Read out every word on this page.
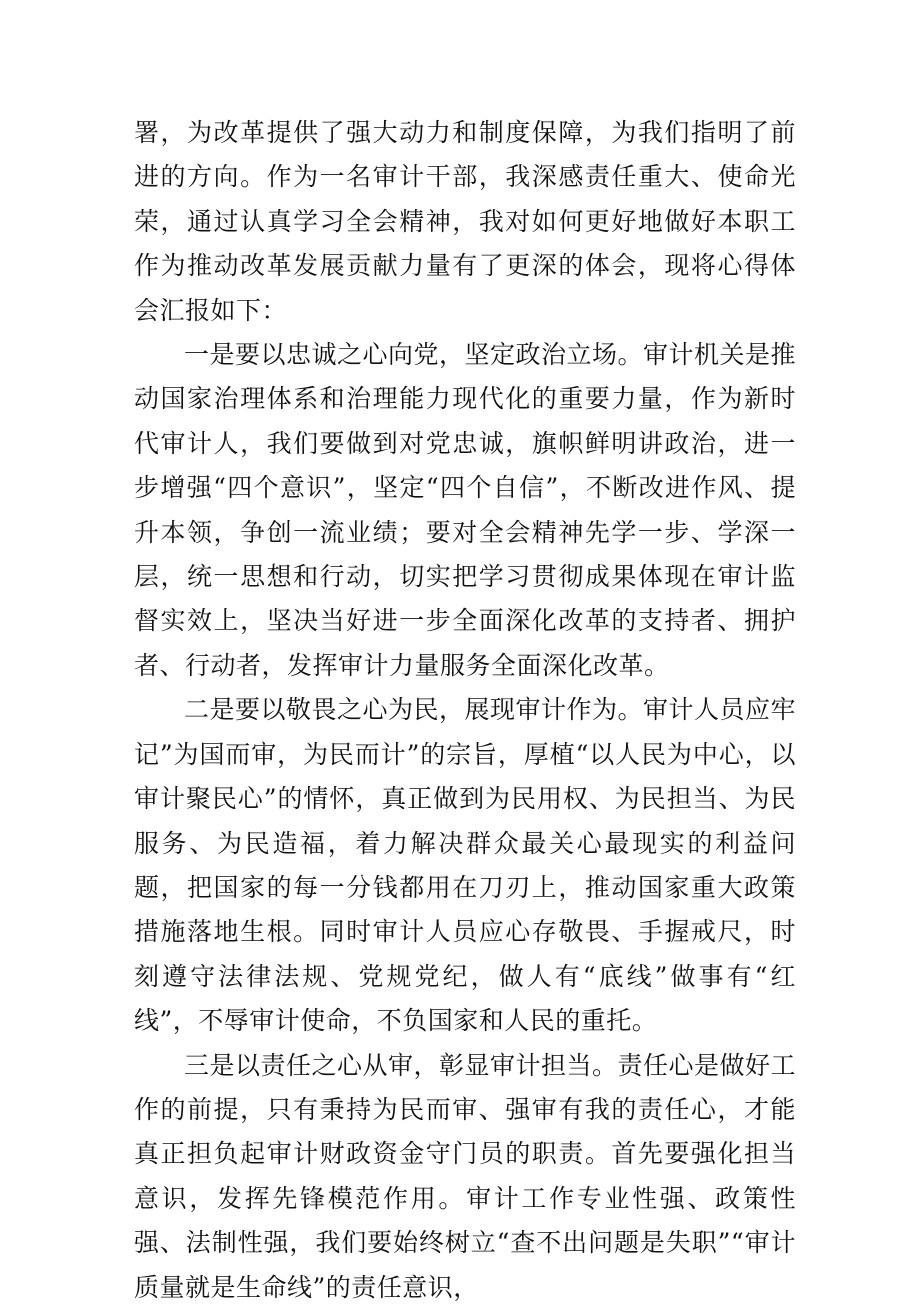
署，为改革提供了强大动力和制度保障，为我们指明了前进的方向。作为一名审计干部，我深感责任重大、使命光荣，通过认真学习全会精神，我对如何更好地做好本职工作为推动改革发展贡献力量有了更深的体会，现将心得体会汇报如下：

一是要以忠诚之心向党，坚定政治立场。审计机关是推动国家治理体系和治理能力现代化的重要力量，作为新时代审计人，我们要做到对党忠诚，旗帜鲜明讲政治，进一步增强“四个意识”，坚定“四个自信”，不断改进作风、提升本领，争创一流业绩；要对全会精神先学一步、学深一层，统一思想和行动，切实把学习贯彻成果体现在审计监督实效上，坚决当好进一步全面深化改革的支持者、拥护者、行动者，发挥审计力量服务全面深化改革。

二是要以敬畏之心为民，展现审计作为。审计人员应牢记”为国而审，为民而计”的宗旨，厚植“以人民为中心，以审计聚民心”的情怀，真正做到为民用权、为民担当、为民服务、为民造福，着力解决群众最关心最现实的利益问题，把国家的每一分钱都用在刀刃上，推动国家重大政策措施落地生根。同时审计人员应心存敬畏、手握戒尺，时刻遵守法律法规、党规党纪，做人有“底线”做事有“红线”，不辱审计使命，不负国家和人民的重托。

三是以责任之心从审，彰显审计担当。责任心是做好工作的前提，只有秉持为民而审、强审有我的责任心，才能真正担负起审计财政资金守门员的职责。首先要强化担当意识，发挥先锋模范作用。审计工作专业性强、政策性强、法制性强，我们要始终树立“查不出问题是失职”“审计质量就是生命线”的责任意识，
